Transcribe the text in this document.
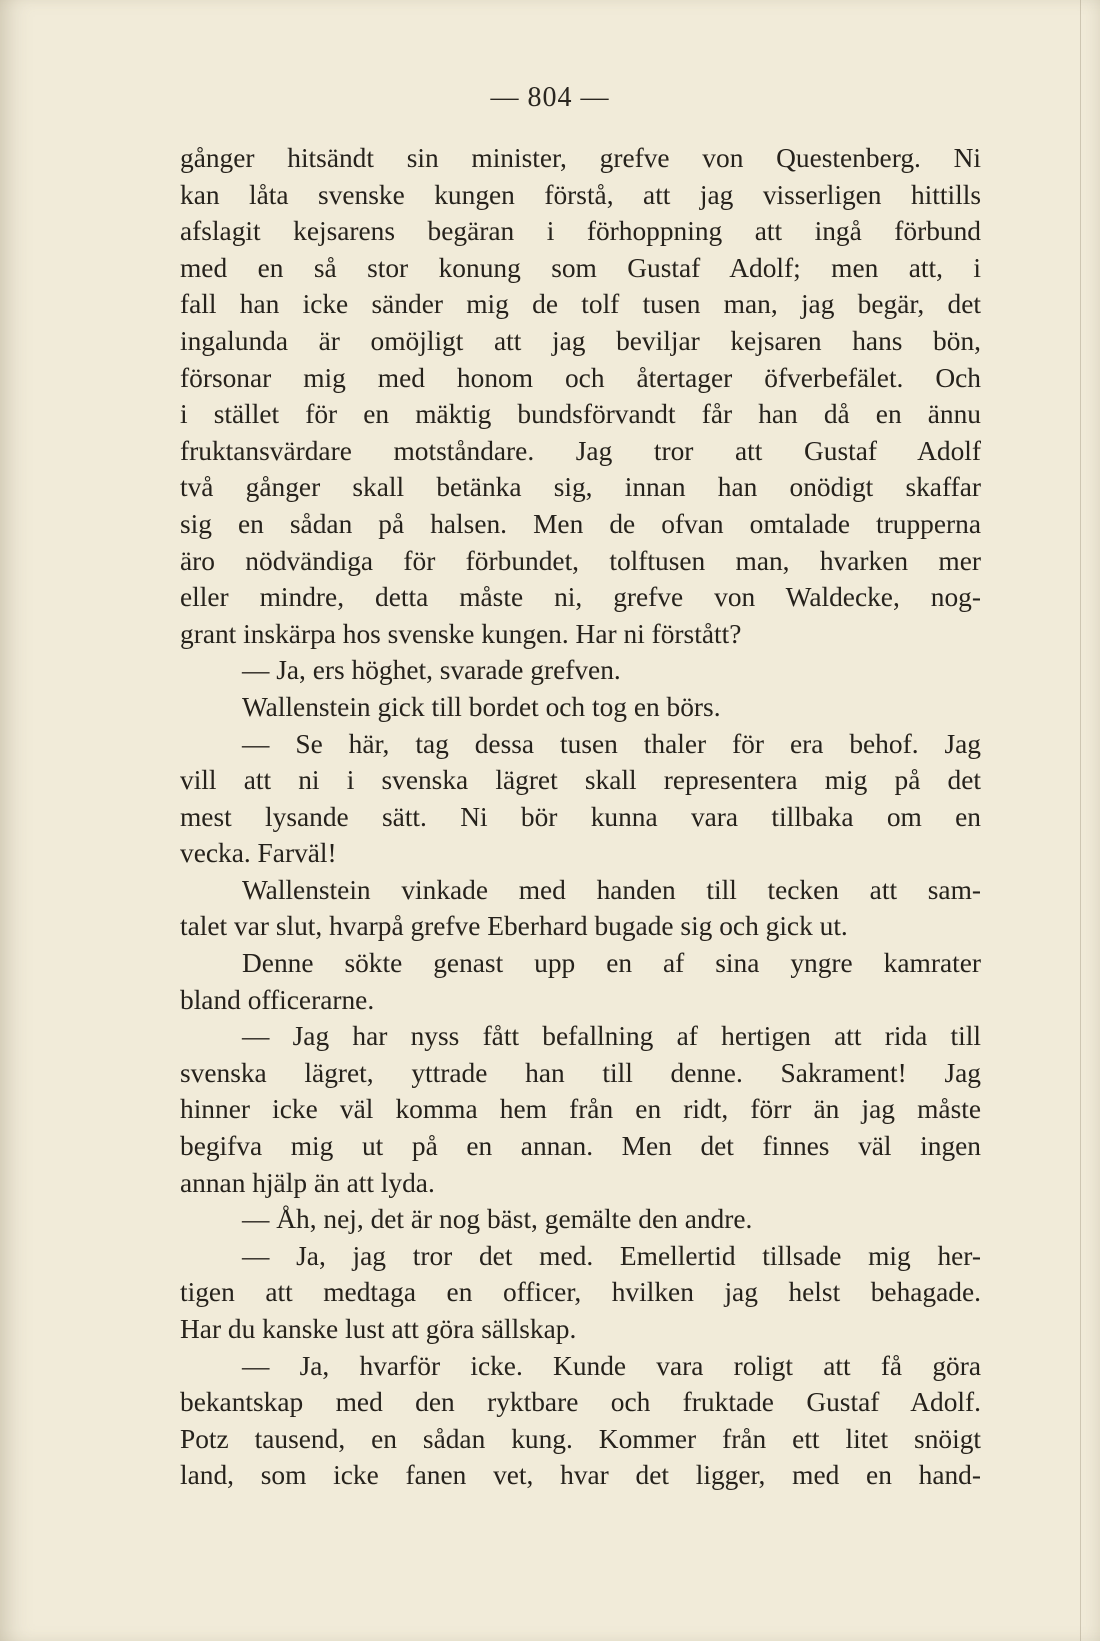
— 804 —
gånger hitsändt sin minister, grefve von Questenberg. Ni
kan låta svenske kungen förstå, att jag visserligen hittills
afslagit kejsarens begäran i förhoppning att ingå förbund
med en så stor konung som Gustaf Adolf; men att, i
fall han icke sänder mig de tolf tusen man, jag begär, det
ingalunda är omöjligt att jag beviljar kejsaren hans bön,
försonar mig med honom och återtager öfverbefälet. Och
i stället för en mäktig bundsförvandt får han då en ännu
fruktansvärdare motståndare. Jag tror att Gustaf Adolf
två gånger skall betänka sig, innan han onödigt skaffar
sig en sådan på halsen. Men de ofvan omtalade trupperna
äro nödvändiga för förbundet, tolftusen man, hvarken mer
eller mindre, detta måste ni, grefve von Waldecke, nog-
grant inskärpa hos svenske kungen. Har ni förstått?
— Ja, ers höghet, svarade grefven.
Wallenstein gick till bordet och tog en börs.
— Se här, tag dessa tusen thaler för era behof. Jag
vill att ni i svenska lägret skall representera mig på det
mest lysande sätt. Ni bör kunna vara tillbaka om en
vecka. Farväl!
Wallenstein vinkade med handen till tecken att sam-
talet var slut, hvarpå grefve Eberhard bugade sig och gick ut.
Denne sökte genast upp en af sina yngre kamrater
bland officerarne.
— Jag har nyss fått befallning af hertigen att rida till
svenska lägret, yttrade han till denne. Sakrament! Jag
hinner icke väl komma hem från en ridt, förr än jag måste
begifva mig ut på en annan. Men det finnes väl ingen
annan hjälp än att lyda.
— Åh, nej, det är nog bäst, gemälte den andre.
— Ja, jag tror det med. Emellertid tillsade mig her-
tigen att medtaga en officer, hvilken jag helst behagade.
Har du kanske lust att göra sällskap.
— Ja, hvarför icke. Kunde vara roligt att få göra
bekantskap med den ryktbare och fruktade Gustaf Adolf.
Potz tausend, en sådan kung. Kommer från ett litet snöigt
land, som icke fanen vet, hvar det ligger, med en hand-
